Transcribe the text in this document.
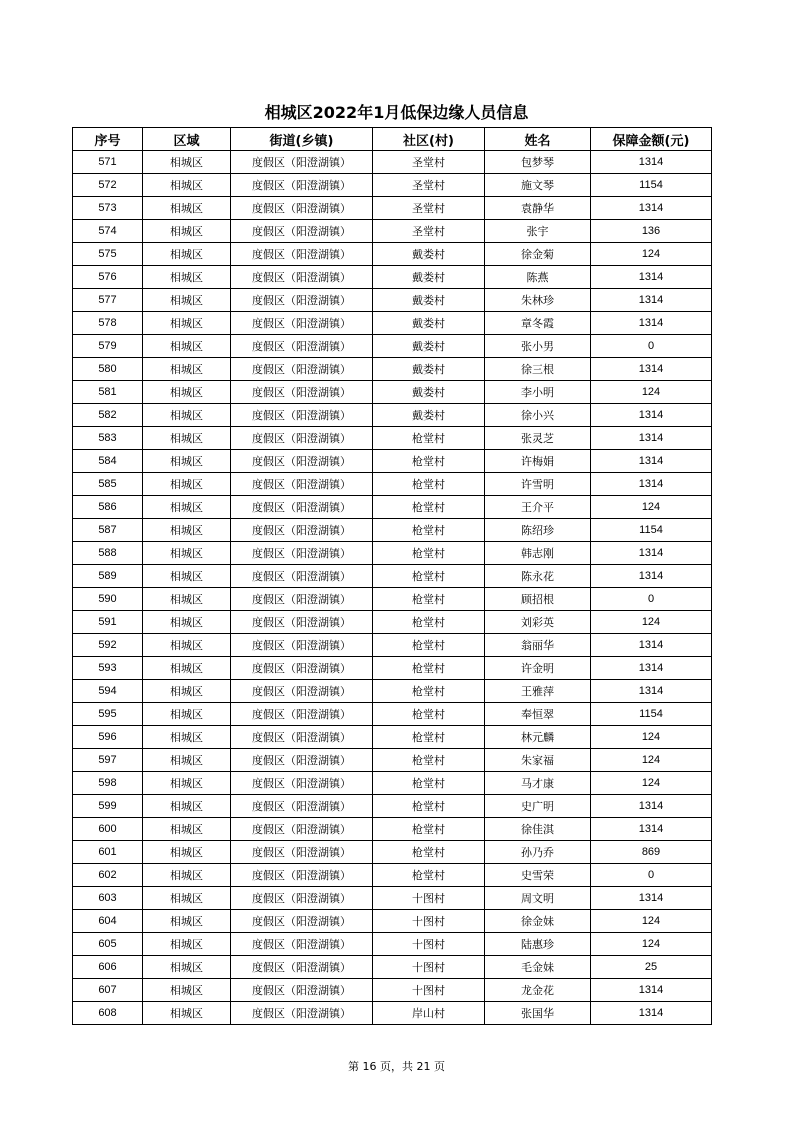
相城区2022年1月低保边缘人员信息
序号	区域	街道(乡镇)	社区(村)	姓名	保障金额(元)
571	相城区	度假区（阳澄湖镇）	圣堂村	包梦琴	1314
572	相城区	度假区（阳澄湖镇）	圣堂村	施文琴	1154
573	相城区	度假区（阳澄湖镇）	圣堂村	袁静华	1314
574	相城区	度假区（阳澄湖镇）	圣堂村	张宇	136
575	相城区	度假区（阳澄湖镇）	戴娄村	徐金菊	124
576	相城区	度假区（阳澄湖镇）	戴娄村	陈燕	1314
577	相城区	度假区（阳澄湖镇）	戴娄村	朱林珍	1314
578	相城区	度假区（阳澄湖镇）	戴娄村	章冬霞	1314
579	相城区	度假区（阳澄湖镇）	戴娄村	张小男	0
580	相城区	度假区（阳澄湖镇）	戴娄村	徐三根	1314
581	相城区	度假区（阳澄湖镇）	戴娄村	李小明	124
582	相城区	度假区（阳澄湖镇）	戴娄村	徐小兴	1314
583	相城区	度假区（阳澄湖镇）	枪堂村	张灵芝	1314
584	相城区	度假区（阳澄湖镇）	枪堂村	许梅娟	1314
585	相城区	度假区（阳澄湖镇）	枪堂村	许雪明	1314
586	相城区	度假区（阳澄湖镇）	枪堂村	王介平	124
587	相城区	度假区（阳澄湖镇）	枪堂村	陈绍珍	1154
588	相城区	度假区（阳澄湖镇）	枪堂村	韩志刚	1314
589	相城区	度假区（阳澄湖镇）	枪堂村	陈永花	1314
590	相城区	度假区（阳澄湖镇）	枪堂村	顾招根	0
591	相城区	度假区（阳澄湖镇）	枪堂村	刘彩英	124
592	相城区	度假区（阳澄湖镇）	枪堂村	翁丽华	1314
593	相城区	度假区（阳澄湖镇）	枪堂村	许金明	1314
594	相城区	度假区（阳澄湖镇）	枪堂村	王雅萍	1314
595	相城区	度假区（阳澄湖镇）	枪堂村	奉恒翠	1154
596	相城区	度假区（阳澄湖镇）	枪堂村	林元麟	124
597	相城区	度假区（阳澄湖镇）	枪堂村	朱家福	124
598	相城区	度假区（阳澄湖镇）	枪堂村	马才康	124
599	相城区	度假区（阳澄湖镇）	枪堂村	史广明	1314
600	相城区	度假区（阳澄湖镇）	枪堂村	徐佳淇	1314
601	相城区	度假区（阳澄湖镇）	枪堂村	孙乃乔	869
602	相城区	度假区（阳澄湖镇）	枪堂村	史雪荣	0
603	相城区	度假区（阳澄湖镇）	十图村	周文明	1314
604	相城区	度假区（阳澄湖镇）	十图村	徐金妹	124
605	相城区	度假区（阳澄湖镇）	十图村	陆惠珍	124
606	相城区	度假区（阳澄湖镇）	十图村	毛金妹	25
607	相城区	度假区（阳澄湖镇）	十图村	龙金花	1314
608	相城区	度假区（阳澄湖镇）	岸山村	张国华	1314
第 16 页，共 21 页
